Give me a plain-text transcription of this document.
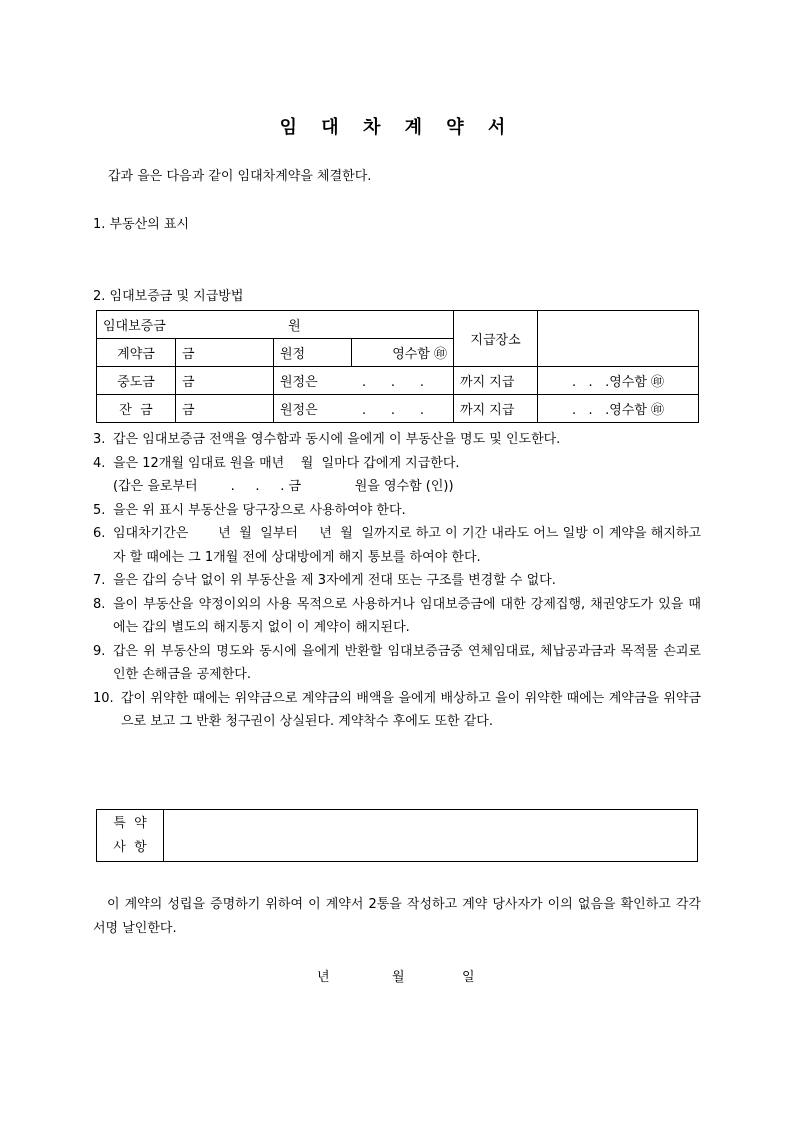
임 대 차 계 약 서
갑과 을은 다음과 같이 임대차계약을 체결한다.
1. 부동산의 표시
2. 임대보증금 및 지급방법
임대보증금 원				지급장소	
계약금	금	원정	영수함 ㊞		
중도금	금	원정은 .      .      .		까지 지급	.   .   .영수함 ㊞
잔  금	금	원정은 .      .      .		까지 지급	.   .   .영수함 ㊞
3. 갑은 임대보증금 전액을 영수함과 동시에 을에게 이 부동산을 명도 및 인도한다.
4. 을은 12개월 임대료 원을 매년    월  일마다 갑에게 지급한다.
(갑은 을로부터        .     .     . 금             원을 영수함 (인))
5. 을은 위 표시 부동산을 당구장으로 사용하여야 한다.
6. 임대차기간은       년  월  일부터     년  월  일까지로 하고 이 기간 내라도 어느 일방 이 계약을 해지하고자 할 때에는 그 1개월 전에 상대방에게 해지 통보를 하여야 한다.
7. 을은 갑의 승낙 없이 위 부동산을 제 3자에게 전대 또는 구조를 변경할 수 없다.
8. 을이 부동산을 약정이외의 사용 목적으로 사용하거나 임대보증금에 대한 강제집행, 채권양도가 있을 때에는 갑의 별도의 해지통지 없이 이 계약이 해지된다.
9. 갑은 위 부동산의 명도와 동시에 을에게 반환할 임대보증금중 연체임대료, 체납공과금과 목적물 손괴로 인한 손해금을 공제한다.
10. 갑이 위약한 때에는 위약금으로 계약금의 배액을 을에게 배상하고 을이 위약한 때에는 계약금을 위약금으로 보고 그 반환 청구권이 상실된다. 계약착수 후에도 또한 같다.
특  약
사  항

이 계약의 성립을 증명하기 위하여 이 계약서 2통을 작성하고 계약 당사자가 이의 없음을 확인하고 각각 서명 날인한다.
년	월	일
